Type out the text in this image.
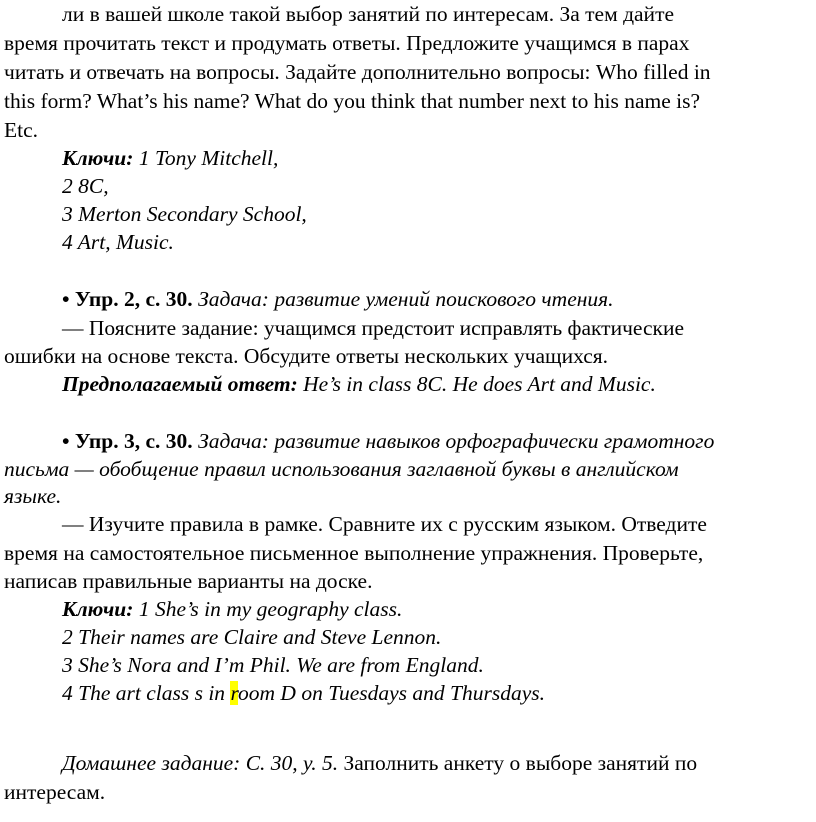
ли в вашей школе такой выбор занятий по интересам. За тем дайте
время прочитать текст и продумать ответы. Предложите учащимся в парах
читать и отвечать на вопросы. Задайте дополнительно вопросы: Who filled in
this form? What’s his name? What do you think that number next to his name is?
Etc.
Ключи: 1 Tony Mitchell,
2 8C,
3 Merton Secondary School,
4 Art, Music.
• Упр. 2, с. 30. Задача: развитие умений поискового чтения.
— Поясните задание: учащимся предстоит исправлять фактические
ошибки на основе текста. Обсудите ответы нескольких учащихся.
Предполагаемый ответ: He’s in class 8C. He does Art and Music.
• Упр. 3, с. 30. Задача: развитие навыков орфографически грамотного
письма — обобщение правил использования заглавной буквы в английском
языке.
— Изучите правила в рамке. Сравните их с русским языком. Отведите
время на самостоятельное письменное выполнение упражнения. Проверьте,
написав правильные варианты на доске.
Ключи: 1 She’s in my geography class.
2 Their names are Claire and Steve Lennon.
3 She’s Nora and I’m Phil. We are from England.
4 The art class s in room D on Tuesdays and Thursdays.
Домашнее задание: С. 30, у. 5. Заполнить анкету о выборе занятий по
интересам.
